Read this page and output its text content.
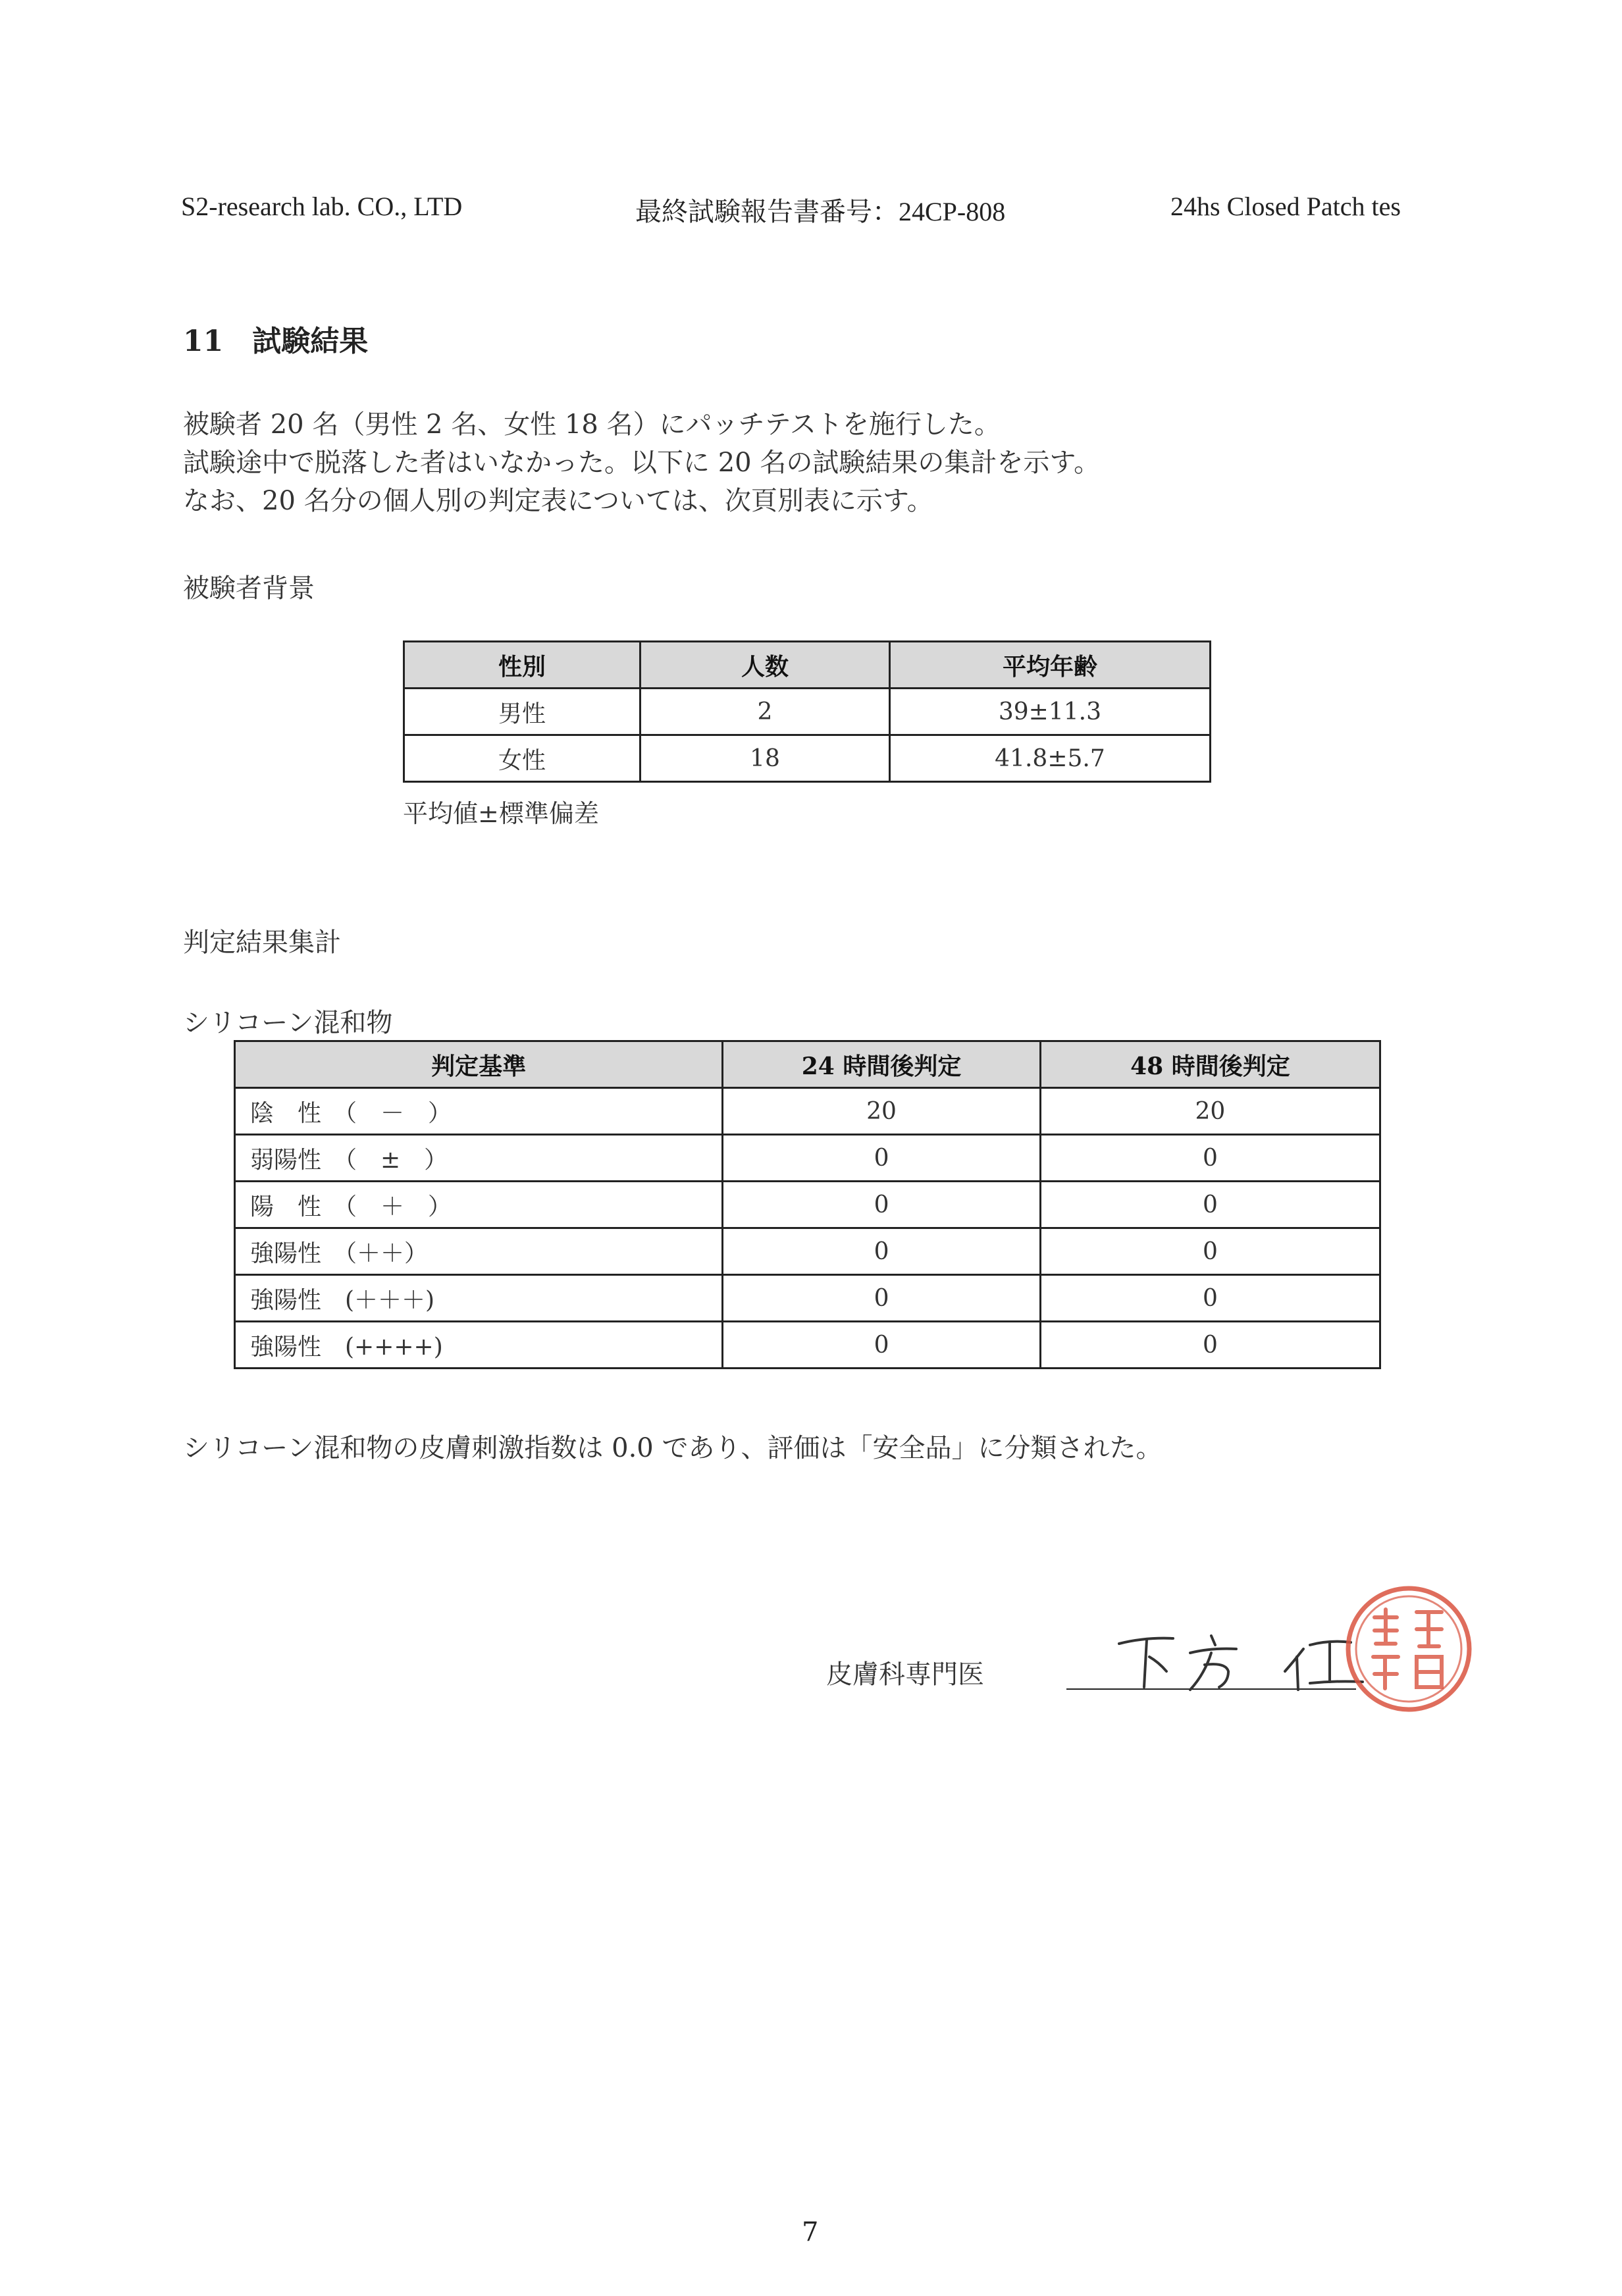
S2-research lab. CO., LTD	最終試験報告書番号：24CP-808	24hs Closed Patch tes
11　試験結果
被験者 20 名（男性 2 名、女性 18 名）にパッチテストを施行した。
試験途中で脱落した者はいなかった。以下に 20 名の試験結果の集計を示す。
なお、20 名分の個人別の判定表については、次頁別表に示す。
被験者背景
性別	人数	平均年齢
男性	2	39±11.3
女性	18	41.8±5.7
平均値±標準偏差
判定結果集計
シリコーン混和物
判定基準	24 時間後判定	48 時間後判定
陰　性　（　－　）	20	20
弱陽性　（　±　）	0	0
陽　性　（　＋　）	0	0
強陽性　（＋＋）	0	0
強陽性　(＋＋＋)	0	0
強陽性　(++++)	0	0
シリコーン混和物の皮膚刺激指数は 0.0 であり、評価は「安全品」に分類された。
皮膚科専門医
7
